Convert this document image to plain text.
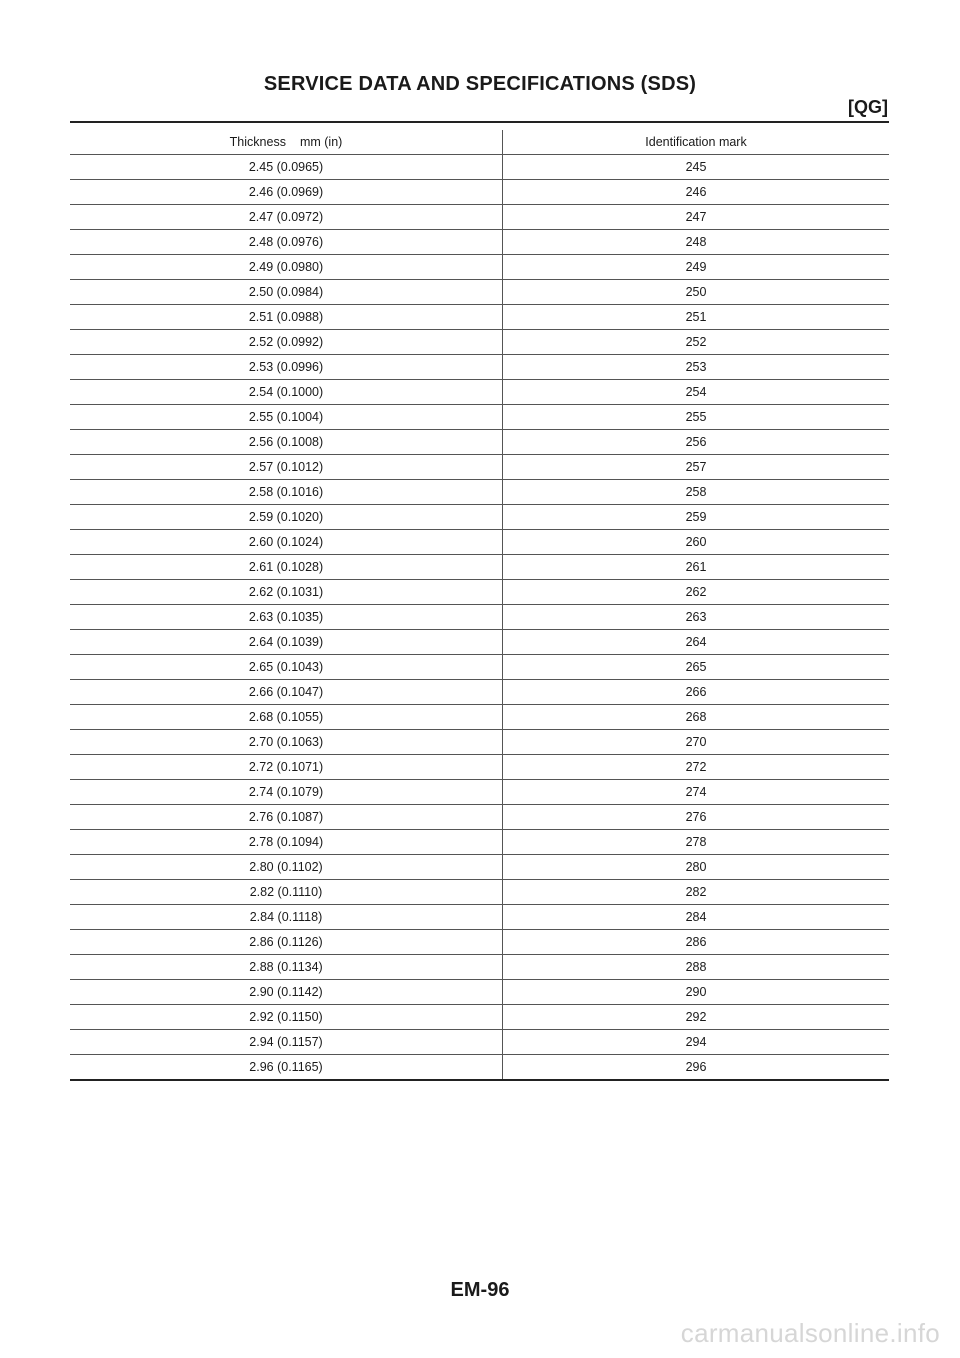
SERVICE DATA AND SPECIFICATIONS (SDS)
[QG]
Thickness mm (in)	Identification mark
2.45 (0.0965)	245
2.46 (0.0969)	246
2.47 (0.0972)	247
2.48 (0.0976)	248
2.49 (0.0980)	249
2.50 (0.0984)	250
2.51 (0.0988)	251
2.52 (0.0992)	252
2.53 (0.0996)	253
2.54 (0.1000)	254
2.55 (0.1004)	255
2.56 (0.1008)	256
2.57 (0.1012)	257
2.58 (0.1016)	258
2.59 (0.1020)	259
2.60 (0.1024)	260
2.61 (0.1028)	261
2.62 (0.1031)	262
2.63 (0.1035)	263
2.64 (0.1039)	264
2.65 (0.1043)	265
2.66 (0.1047)	266
2.68 (0.1055)	268
2.70 (0.1063)	270
2.72 (0.1071)	272
2.74 (0.1079)	274
2.76 (0.1087)	276
2.78 (0.1094)	278
2.80 (0.1102)	280
2.82 (0.1110)	282
2.84 (0.1118)	284
2.86 (0.1126)	286
2.88 (0.1134)	288
2.90 (0.1142)	290
2.92 (0.1150)	292
2.94 (0.1157)	294
2.96 (0.1165)	296
EM-96
carmanualsonline.info
